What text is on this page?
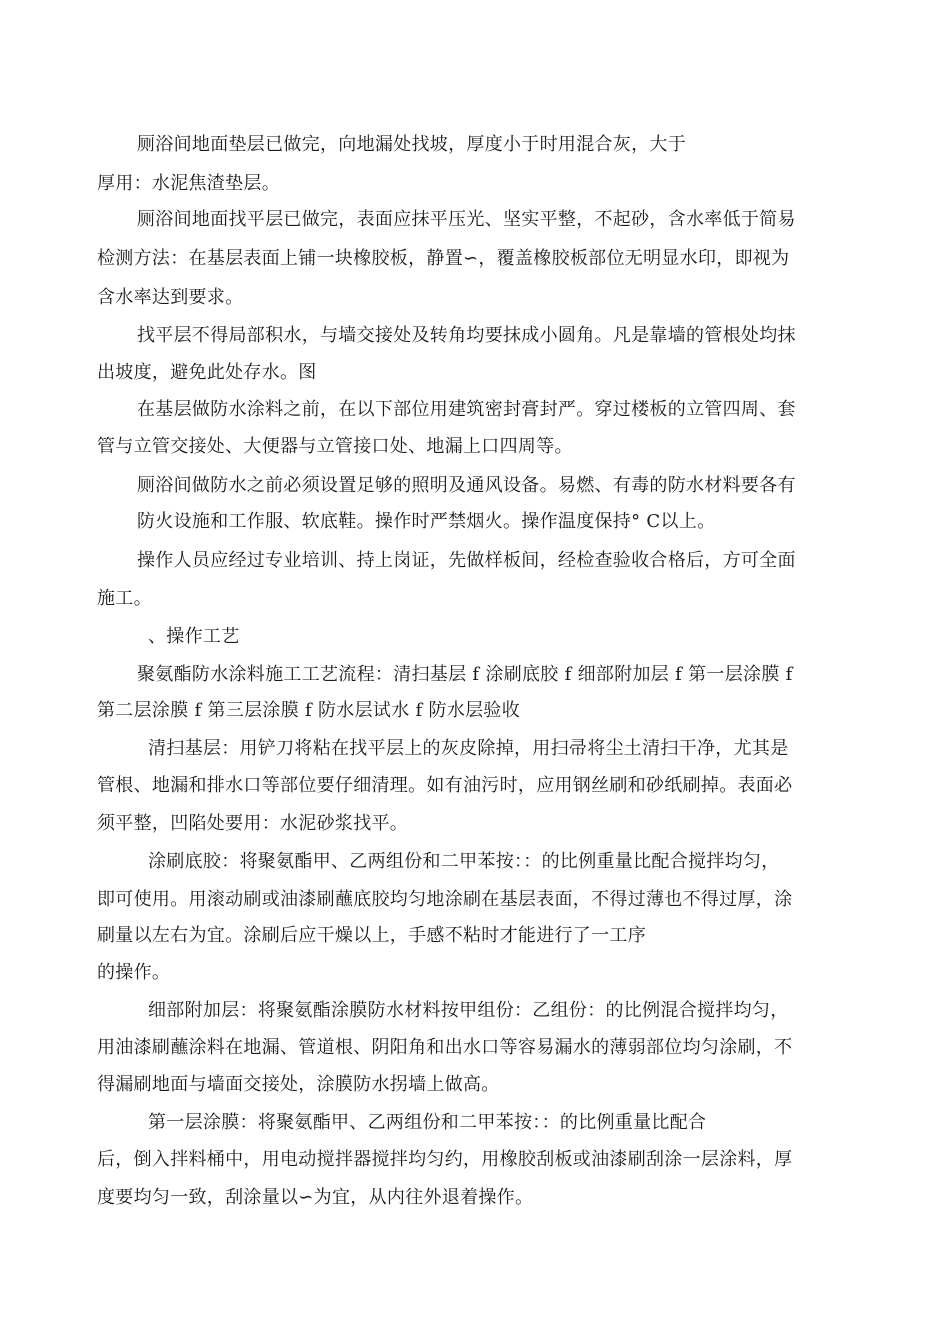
厕浴间地面垫层已做完，向地漏处找坡，厚度小于时用混合灰，大于
厚用：水泥焦渣垫层。
厕浴间地面找平层已做完，表面应抹平压光、坚实平整，不起砂，含水率低于简易
检测方法：在基层表面上铺一块橡胶板，静置∽，覆盖橡胶板部位无明显水印，即视为
含水率达到要求。
找平层不得局部积水，与墙交接处及转角均要抹成小圆角。凡是靠墙的管根处均抹
出坡度，避免此处存水。图
在基层做防水涂料之前，在以下部位用建筑密封膏封严。穿过楼板的立管四周、套
管与立管交接处、大便器与立管接口处、地漏上口四周等。
厕浴间做防水之前必须设置足够的照明及通风设备。易燃、有毒的防水材料要各有
防火设施和工作服、软底鞋。操作时严禁烟火。操作温度保持° C以上。
操作人员应经过专业培训、持上岗证，先做样板间，经检查验收合格后，方可全面
施工。
、操作工艺
聚氨酯防水涂料施工工艺流程：清扫基层 f 涂刷底胶 f 细部附加层 f 第一层涂膜 f
第二层涂膜 f 第三层涂膜 f 防水层试水 f 防水层验收
清扫基层：用铲刀将粘在找平层上的灰皮除掉，用扫帚将尘土清扫干净，尤其是
管根、地漏和排水口等部位要仔细清理。如有油污时，应用钢丝刷和砂纸刷掉。表面必
须平整，凹陷处要用：水泥砂浆找平。
涂刷底胶：将聚氨酯甲、乙两组份和二甲苯按：：的比例重量比配合搅拌均匀，
即可使用。用滚动刷或油漆刷蘸底胶均匀地涂刷在基层表面，不得过薄也不得过厚，涂
刷量以左右为宜。涂刷后应干燥以上，手感不粘时才能进行了一工序
的操作。
细部附加层：将聚氨酯涂膜防水材料按甲组份：乙组份：的比例混合搅拌均匀，
用油漆刷蘸涂料在地漏、管道根、阴阳角和出水口等容易漏水的薄弱部位均匀涂刷，不
得漏刷地面与墙面交接处，涂膜防水拐墙上做高。
第一层涂膜：将聚氨酯甲、乙两组份和二甲苯按：：的比例重量比配合
后，倒入拌料桶中，用电动搅拌器搅拌均匀约，用橡胶刮板或油漆刷刮涂一层涂料，厚
度要均匀一致，刮涂量以∽为宜，从内往外退着操作。
